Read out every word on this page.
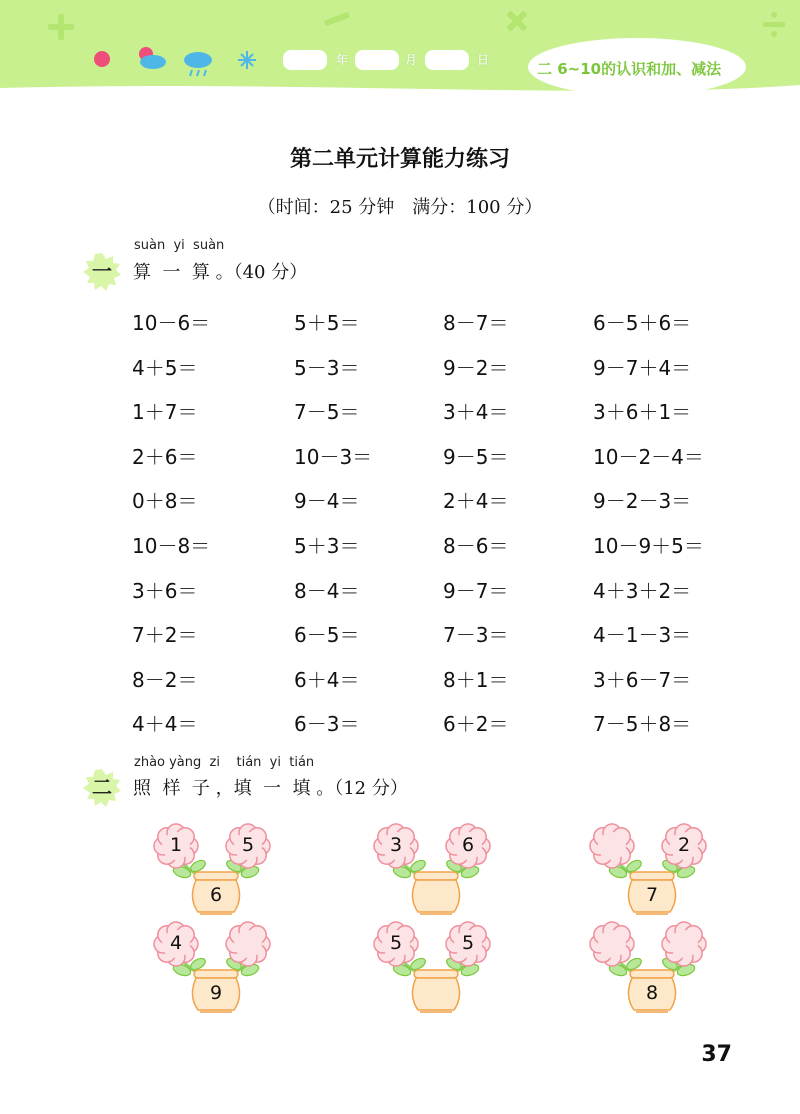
年	月	日	二 6~10的认识和加、减法
第二单元计算能力练习
（时间：25 分钟　满分：100 分）
suàn  yi  suàn
一	算  一  算 。（40 分）
10－6＝	5＋5＝	8－7＝	6－5＋6＝
4＋5＝	5－3＝	9－2＝	9－7＋4＝
1＋7＝	7－5＝	3＋4＝	3＋6＋1＝
2＋6＝	10－3＝	9－5＝	10－2－4＝
0＋8＝	9－4＝	2＋4＝	9－2－3＝
10－8＝	5＋3＝	8－6＝	10－9＋5＝
3＋6＝	8－4＝	9－7＝	4＋3＋2＝
7＋2＝	6－5＝	7－3＝	4－1－3＝
8－2＝	6＋4＝	8＋1＝	3＋6－7＝
4＋4＝	6－3＝	6＋2＝	7－5＋8＝
zhào yàng  zi    tián  yi  tián
二	照  样  子 ，填  一  填 。（12 分）
1	5
6
3	6	2
7
4
9
5	5
8
37
